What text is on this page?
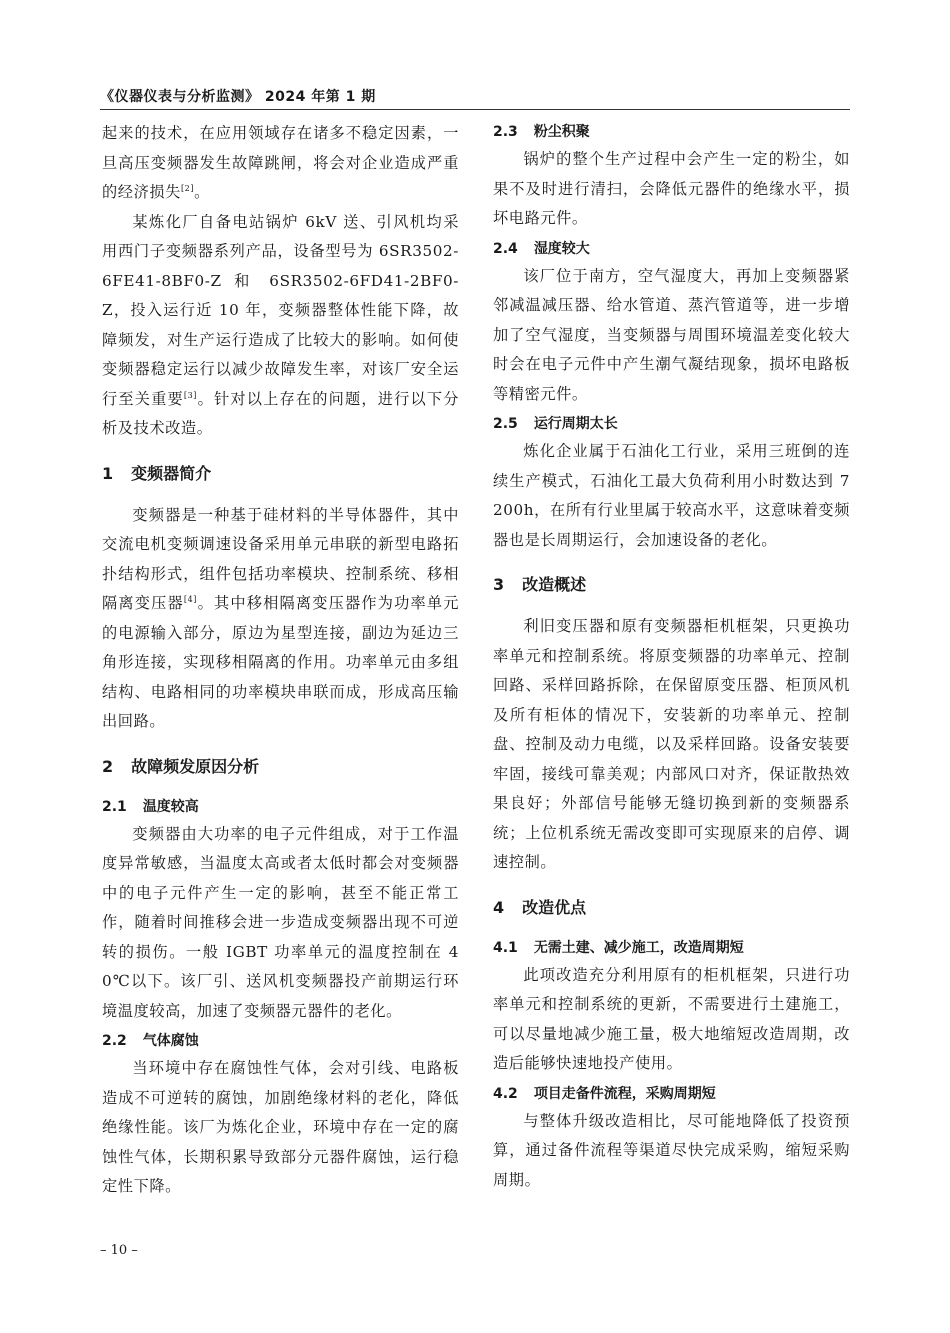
《仪器仪表与分析监测》 2024 年第 1 期

起来的技术，在应用领域存在诸多不稳定因素，一旦高压变频器发生故障跳闸，将会对企业造成严重的经济损失[2]。

某炼化厂自备电站锅炉 6kV 送、引风机均采用西门子变频器系列产品，设备型号为 6SR3502-6FE41-8BF0-Z 和 6SR3502-6FD41-2BF0-Z，投入运行近 10 年，变频器整体性能下降，故障频发，对生产运行造成了比较大的影响。如何使变频器稳定运行以减少故障发生率，对该厂安全运行至关重要[3]。针对以上存在的问题，进行以下分析及技术改造。

1 变频器简介

变频器是一种基于硅材料的半导体器件，其中交流电机变频调速设备采用单元串联的新型电路拓扑结构形式，组件包括功率模块、控制系统、移相隔离变压器[4]。其中移相隔离变压器作为功率单元的电源输入部分，原边为星型连接，副边为延边三角形连接，实现移相隔离的作用。功率单元由多组结构、电路相同的功率模块串联而成，形成高压输出回路。

2 故障频发原因分析
2.1 温度较高

变频器由大功率的电子元件组成，对于工作温度异常敏感，当温度太高或者太低时都会对变频器中的电子元件产生一定的影响，甚至不能正常工作，随着时间推移会进一步造成变频器出现不可逆转的损伤。一般 IGBT 功率单元的温度控制在 40℃以下。该厂引、送风机变频器投产前期运行环境温度较高，加速了变频器元器件的老化。

2.2 气体腐蚀

当环境中存在腐蚀性气体，会对引线、电路板造成不可逆转的腐蚀，加剧绝缘材料的老化，降低绝缘性能。该厂为炼化企业，环境中存在一定的腐蚀性气体，长期积累导致部分元器件腐蚀，运行稳定性下降。

2.3 粉尘积聚

锅炉的整个生产过程中会产生一定的粉尘，如果不及时进行清扫，会降低元器件的绝缘水平，损坏电路元件。

2.4 湿度较大

该厂位于南方，空气湿度大，再加上变频器紧邻减温减压器、给水管道、蒸汽管道等，进一步增加了空气湿度，当变频器与周围环境温差变化较大时会在电子元件中产生潮气凝结现象，损坏电路板等精密元件。

2.5 运行周期太长

炼化企业属于石油化工行业，采用三班倒的连续生产模式，石油化工最大负荷利用小时数达到 7200h，在所有行业里属于较高水平，这意味着变频器也是长周期运行，会加速设备的老化。

3 改造概述

利旧变压器和原有变频器柜机框架，只更换功率单元和控制系统。将原变频器的功率单元、控制回路、采样回路拆除，在保留原变压器、柜顶风机及所有柜体的情况下，安装新的功率单元、控制盘、控制及动力电缆，以及采样回路。设备安装要牢固，接线可靠美观；内部风口对齐，保证散热效果良好；外部信号能够无缝切换到新的变频器系统；上位机系统无需改变即可实现原来的启停、调速控制。

4 改造优点
4.1 无需土建、减少施工，改造周期短

此项改造充分利用原有的柜机框架，只进行功率单元和控制系统的更新，不需要进行土建施工，可以尽量地减少施工量，极大地缩短改造周期，改造后能够快速地投产使用。

4.2 项目走备件流程，采购周期短

与整体升级改造相比，尽可能地降低了投资预算，通过备件流程等渠道尽快完成采购，缩短采购周期。

– 10 –
